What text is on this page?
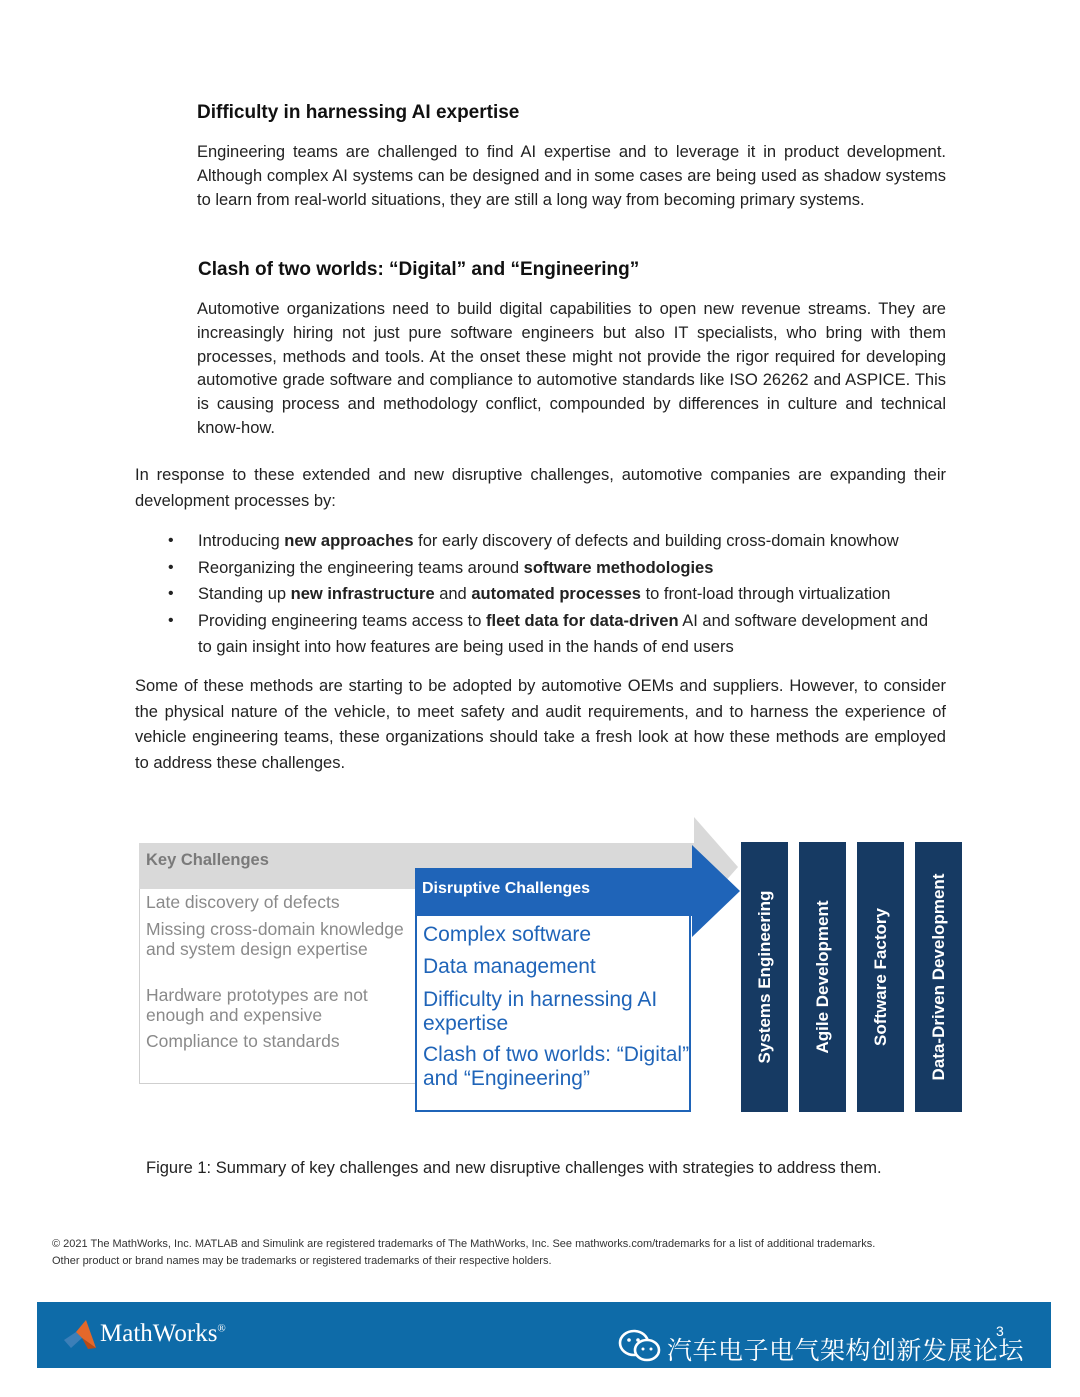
Difficulty in harnessing AI expertise
Engineering teams are challenged to find AI expertise and to leverage it in product development. Although complex AI systems can be designed and in some cases are being used as shadow systems to learn from real-world situations, they are still a long way from becoming primary systems.
Clash of two worlds: “Digital” and “Engineering”
Automotive organizations need to build digital capabilities to open new revenue streams. They are increasingly hiring not just pure software engineers but also IT specialists, who bring with them processes, methods and tools. At the onset these might not provide the rigor required for developing automotive grade software and compliance to automotive standards like ISO 26262 and ASPICE. This is causing process and methodology conflict, compounded by differences in culture and technical know-how.
In response to these extended and new disruptive challenges, automotive companies are expanding their development processes by:
• Introducing new approaches for early discovery of defects and building cross-domain knowhow
• Reorganizing the engineering teams around software methodologies
• Standing up new infrastructure and automated processes to front-load through virtualization
• Providing engineering teams access to fleet data for data-driven AI and software development and to gain insight into how features are being used in the hands of end users
Some of these methods are starting to be adopted by automotive OEMs and suppliers. However, to consider the physical nature of the vehicle, to meet safety and audit requirements, and to harness the experience of vehicle engineering teams, these organizations should take a fresh look at how these methods are employed to address these challenges.
Key Challenges
Late discovery of defects
Missing cross-domain knowledge and system design expertise
Hardware prototypes are not enough and expensive
Compliance to standards
Disruptive Challenges
Complex software
Data management
Difficulty in harnessing AI expertise
Clash of two worlds: “Digital” and “Engineering”
Systems Engineering Agile Development Software Factory Data-Driven Development
Figure 1: Summary of key challenges and new disruptive challenges with strategies to address them.
© 2021 The MathWorks, Inc. MATLAB and Simulink are registered trademarks of The MathWorks, Inc. See mathworks.com/trademarks for a list of additional trademarks.
Other product or brand names may be trademarks or registered trademarks of their respective holders.
MathWorks®
汽车电子电气架构创新发展论坛
3
